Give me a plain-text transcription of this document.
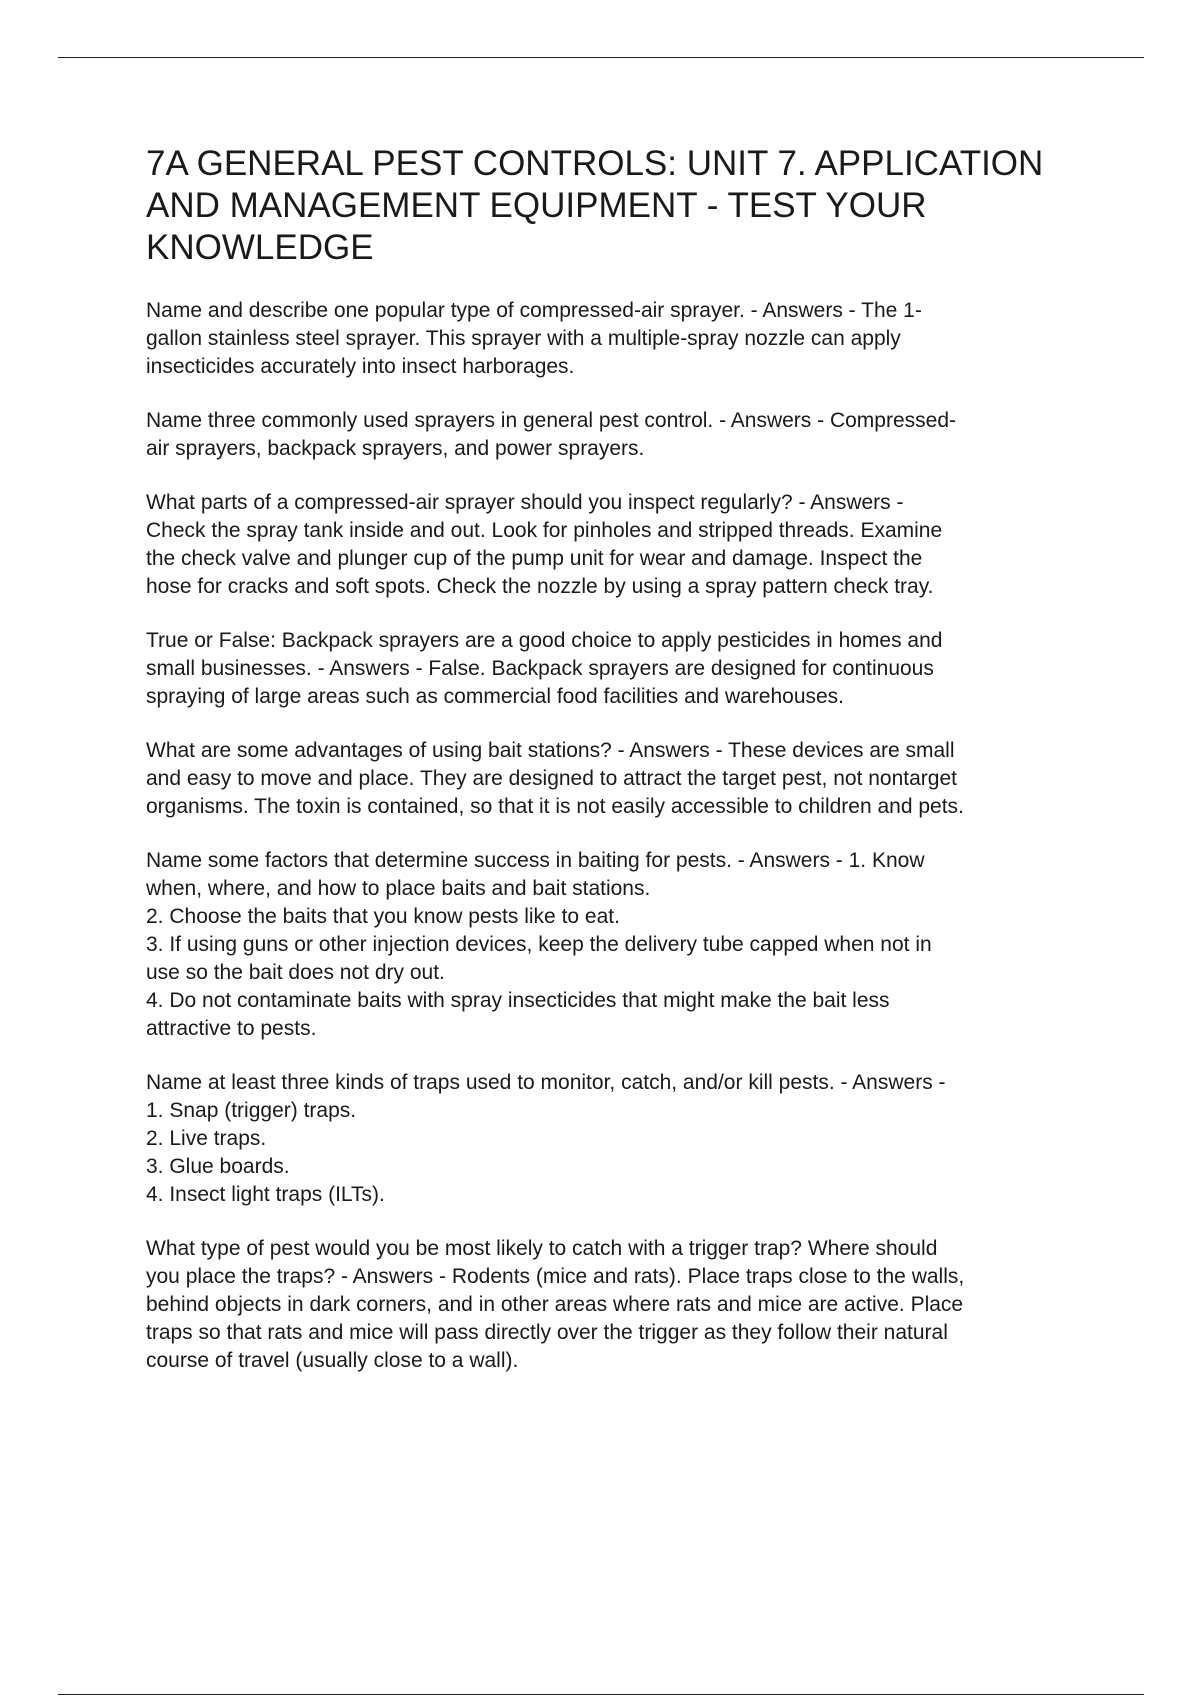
7A GENERAL PEST CONTROLS: UNIT 7. APPLICATION
AND MANAGEMENT EQUIPMENT - TEST YOUR
KNOWLEDGE

Name and describe one popular type of compressed-air sprayer. - Answers - The 1-
gallon stainless steel sprayer. This sprayer with a multiple-spray nozzle can apply
insecticides accurately into insect harborages.

Name three commonly used sprayers in general pest control. - Answers - Compressed-
air sprayers, backpack sprayers, and power sprayers.

What parts of a compressed-air sprayer should you inspect regularly? - Answers -
Check the spray tank inside and out. Look for pinholes and stripped threads. Examine
the check valve and plunger cup of the pump unit for wear and damage. Inspect the
hose for cracks and soft spots. Check the nozzle by using a spray pattern check tray.

True or False: Backpack sprayers are a good choice to apply pesticides in homes and
small businesses. - Answers - False. Backpack sprayers are designed for continuous
spraying of large areas such as commercial food facilities and warehouses.

What are some advantages of using bait stations? - Answers - These devices are small
and easy to move and place. They are designed to attract the target pest, not nontarget
organisms. The toxin is contained, so that it is not easily accessible to children and pets.

Name some factors that determine success in baiting for pests. - Answers - 1. Know
when, where, and how to place baits and bait stations.
2. Choose the baits that you know pests like to eat.
3. If using guns or other injection devices, keep the delivery tube capped when not in
use so the bait does not dry out.
4. Do not contaminate baits with spray insecticides that might make the bait less
attractive to pests.

Name at least three kinds of traps used to monitor, catch, and/or kill pests. - Answers -
1. Snap (trigger) traps.
2. Live traps.
3. Glue boards.
4. Insect light traps (ILTs).

What type of pest would you be most likely to catch with a trigger trap? Where should
you place the traps? - Answers - Rodents (mice and rats). Place traps close to the walls,
behind objects in dark corners, and in other areas where rats and mice are active. Place
traps so that rats and mice will pass directly over the trigger as they follow their natural
course of travel (usually close to a wall).
